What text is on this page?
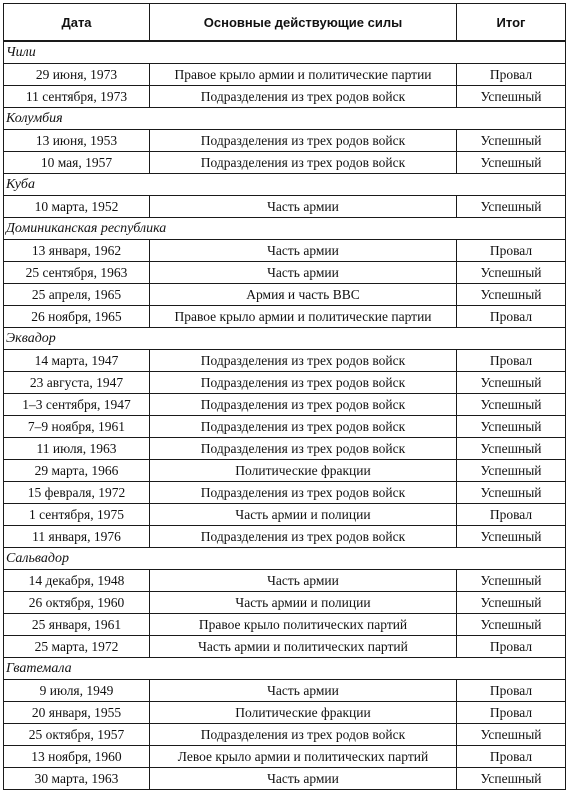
Дата	Основные действующие силы	Итог
Чили		
29 июня, 1973	Правое крыло армии и политические партии	Провал
11 сентября, 1973	Подразделения из трех родов войск	Успешный
Колумбия		
13 июня, 1953	Подразделения из трех родов войск	Успешный
10 мая, 1957	Подразделения из трех родов войск	Успешный
Куба		
10 марта, 1952	Часть армии	Успешный
Доминиканская республика		
13 января, 1962	Часть армии	Провал
25 сентября, 1963	Часть армии	Успешный
25 апреля, 1965	Армия и часть ВВС	Успешный
26 ноября, 1965	Правое крыло армии и политические партии	Провал
Эквадор		
14 марта, 1947	Подразделения из трех родов войск	Провал
23 августа, 1947	Подразделения из трех родов войск	Успешный
1–3 сентября, 1947	Подразделения из трех родов войск	Успешный
7–9 ноября, 1961	Подразделения из трех родов войск	Успешный
11 июля, 1963	Подразделения из трех родов войск	Успешный
29 марта, 1966	Политические фракции	Успешный
15 февраля, 1972	Подразделения из трех родов войск	Успешный
1 сентября, 1975	Часть армии и полиции	Провал
11 января, 1976	Подразделения из трех родов войск	Успешный
Сальвадор		
14 декабря, 1948	Часть армии	Успешный
26 октября, 1960	Часть армии и полиции	Успешный
25 января, 1961	Правое крыло политических партий	Успешный
25 марта, 1972	Часть армии и политических партий	Провал
Гватемала		
9 июля, 1949	Часть армии	Провал
20 января, 1955	Политические фракции	Провал
25 октября, 1957	Подразделения из трех родов войск	Успешный
13 ноября, 1960	Левое крыло армии и политических партий	Провал
30 марта, 1963	Часть армии	Успешный
